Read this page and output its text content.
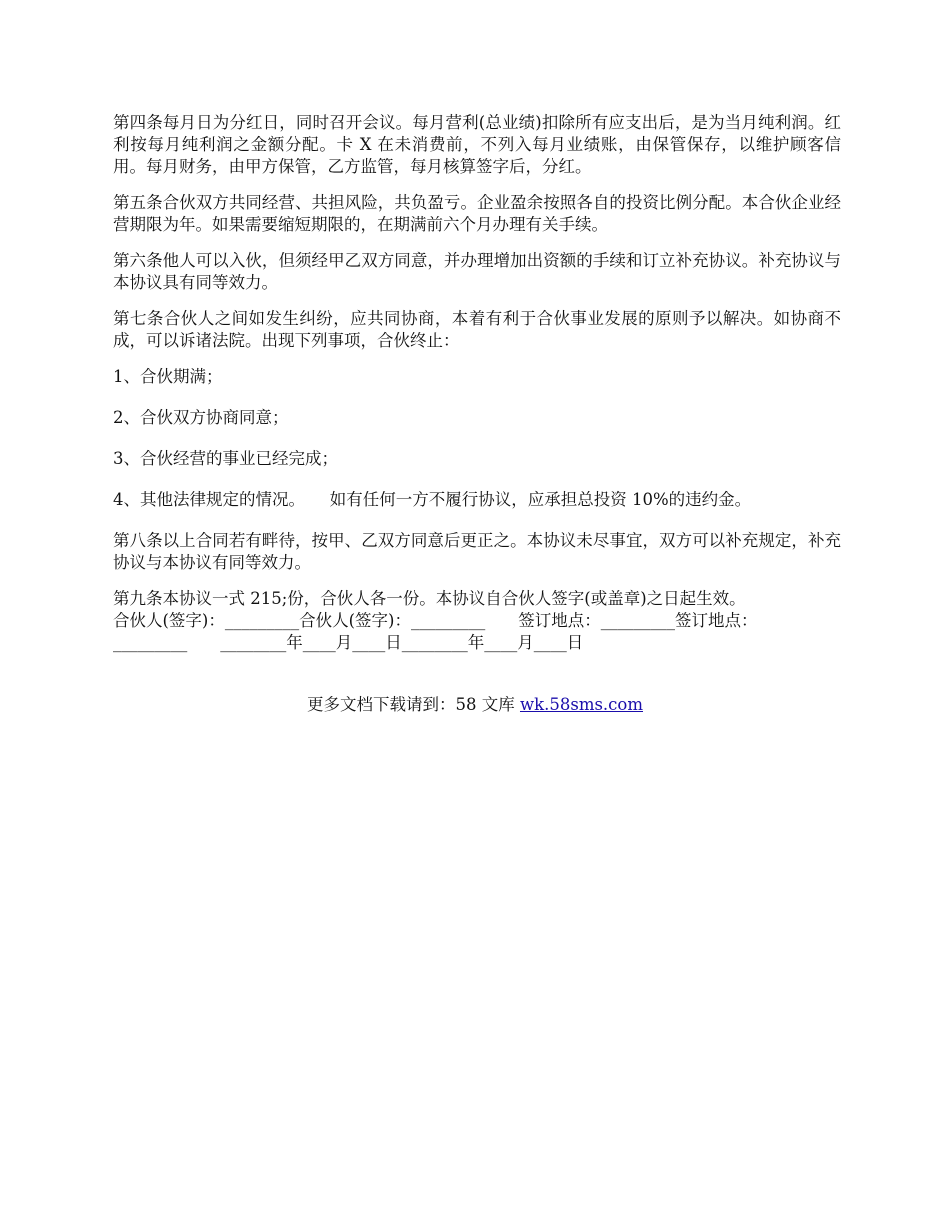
第四条每月日为分红日，同时召开会议。每月营利(总业绩)扣除所有应支出后，是为当月纯利润。红利按每月纯利润之金额分配。卡 X 在未消费前，不列入每月业绩账，由保管保存，以维护顾客信用。每月财务，由甲方保管，乙方监管，每月核算签字后，分红。

第五条合伙双方共同经营、共担风险，共负盈亏。企业盈余按照各自的投资比例分配。本合伙企业经营期限为年。如果需要缩短期限的，在期满前六个月办理有关手续。

第六条他人可以入伙，但须经甲乙双方同意，并办理增加出资额的手续和订立补充协议。补充协议与本协议具有同等效力。

第七条合伙人之间如发生纠纷，应共同协商，本着有利于合伙事业发展的原则予以解决。如协商不成，可以诉诸法院。出现下列事项，合伙终止：

1、合伙期满；

2、合伙双方协商同意；

3、合伙经营的事业已经完成；

4、其他法律规定的情况。　　如有任何一方不履行协议，应承担总投资 10%的违约金。

第八条以上合同若有畔待，按甲、乙双方同意后更正之。本协议未尽事宜，双方可以补充规定，补充协议与本协议有同等效力。

第九条本协议一式 215;份，合伙人各一份。本协议自合伙人签字(或盖章)之日起生效。

合伙人(签字)：_________合伙人(签字)：_________　　签订地点：_________签订地点：

_________　　________年____月____日________年____月____日

更多文档下载请到：58 文库 wk.58sms.com
